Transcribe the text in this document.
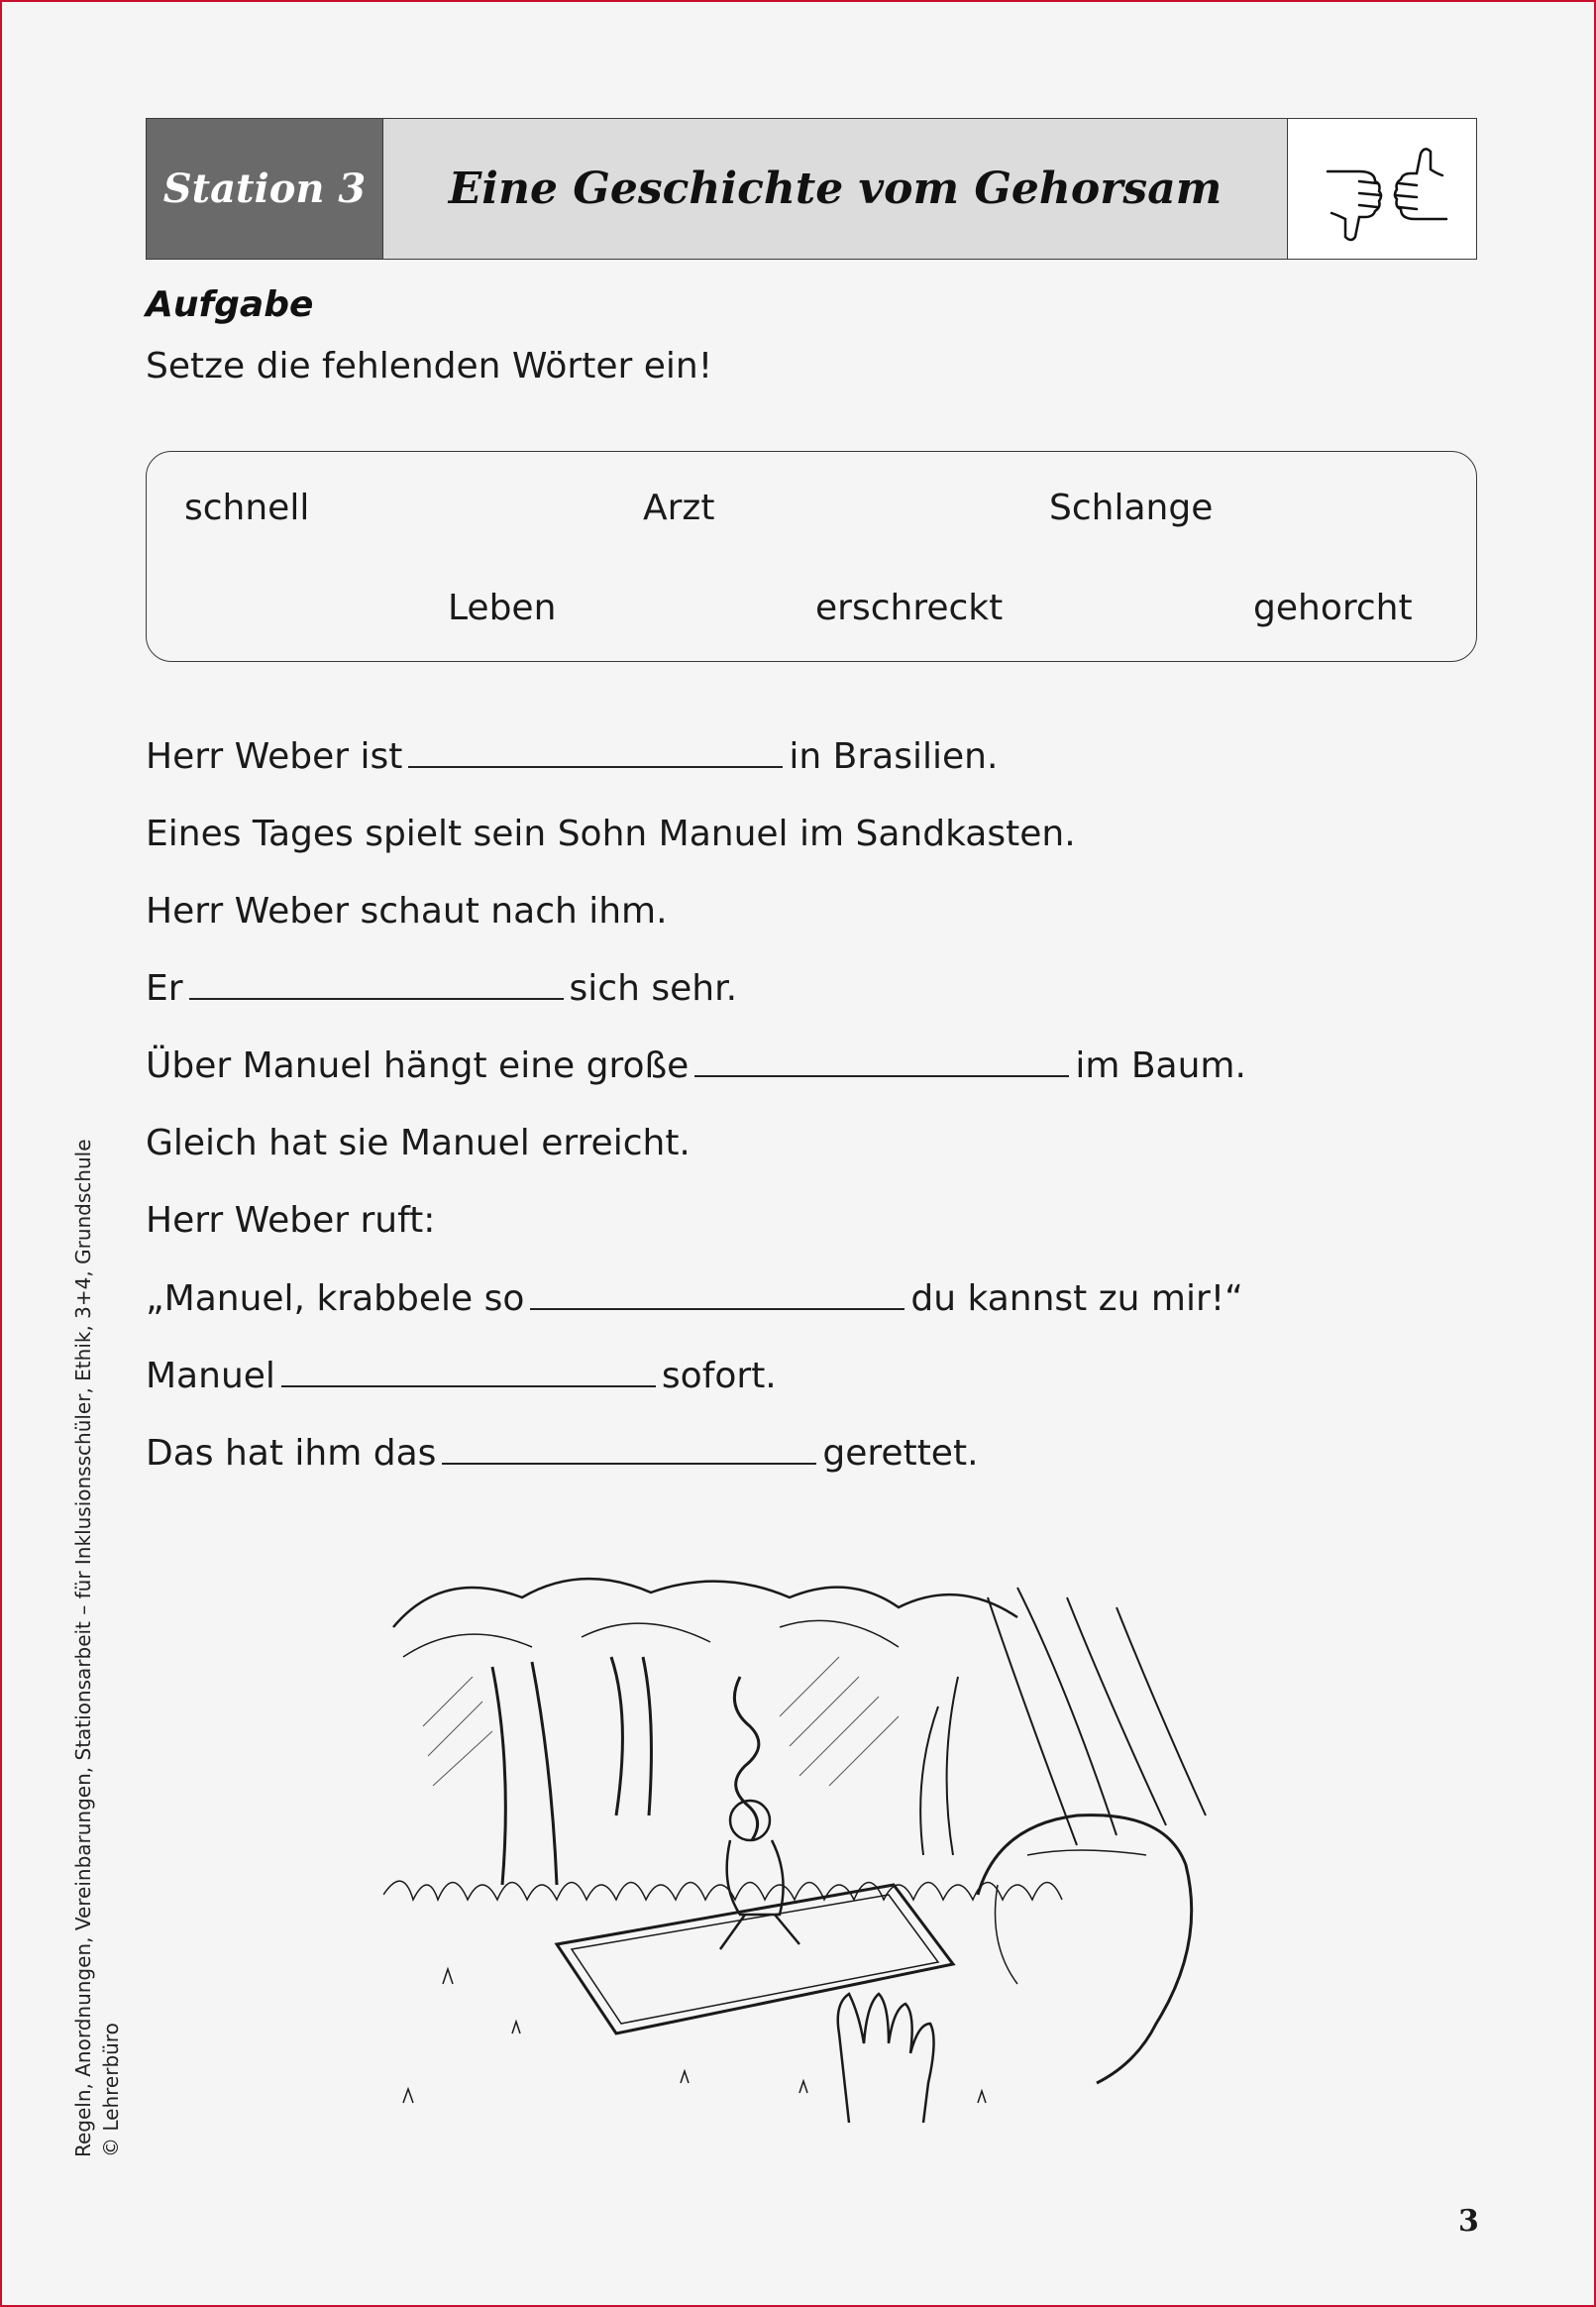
Station 3	Eine Geschichte vom Gehorsam
Aufgabe
Setze die fehlenden Wörter ein!
schnell	Arzt	Schlange
Leben	erschreckt	gehorcht
Herr Weber ist	in Brasilien.
Eines Tages spielt sein Sohn Manuel im Sandkasten.
Herr Weber schaut nach ihm.
Er	sich sehr.
Über Manuel hängt eine große	im Baum.
Gleich hat sie Manuel erreicht.
Herr Weber ruft:
„Manuel, krabbele so	du kannst zu mir!“
Manuel	sofort.
Das hat ihm das	gerettet.
Regeln, Anordnungen, Vereinbarungen, Stationsarbeit – für Inklusionsschüler, Ethik, 3+4, Grundschule © Lehrerbüro
3
